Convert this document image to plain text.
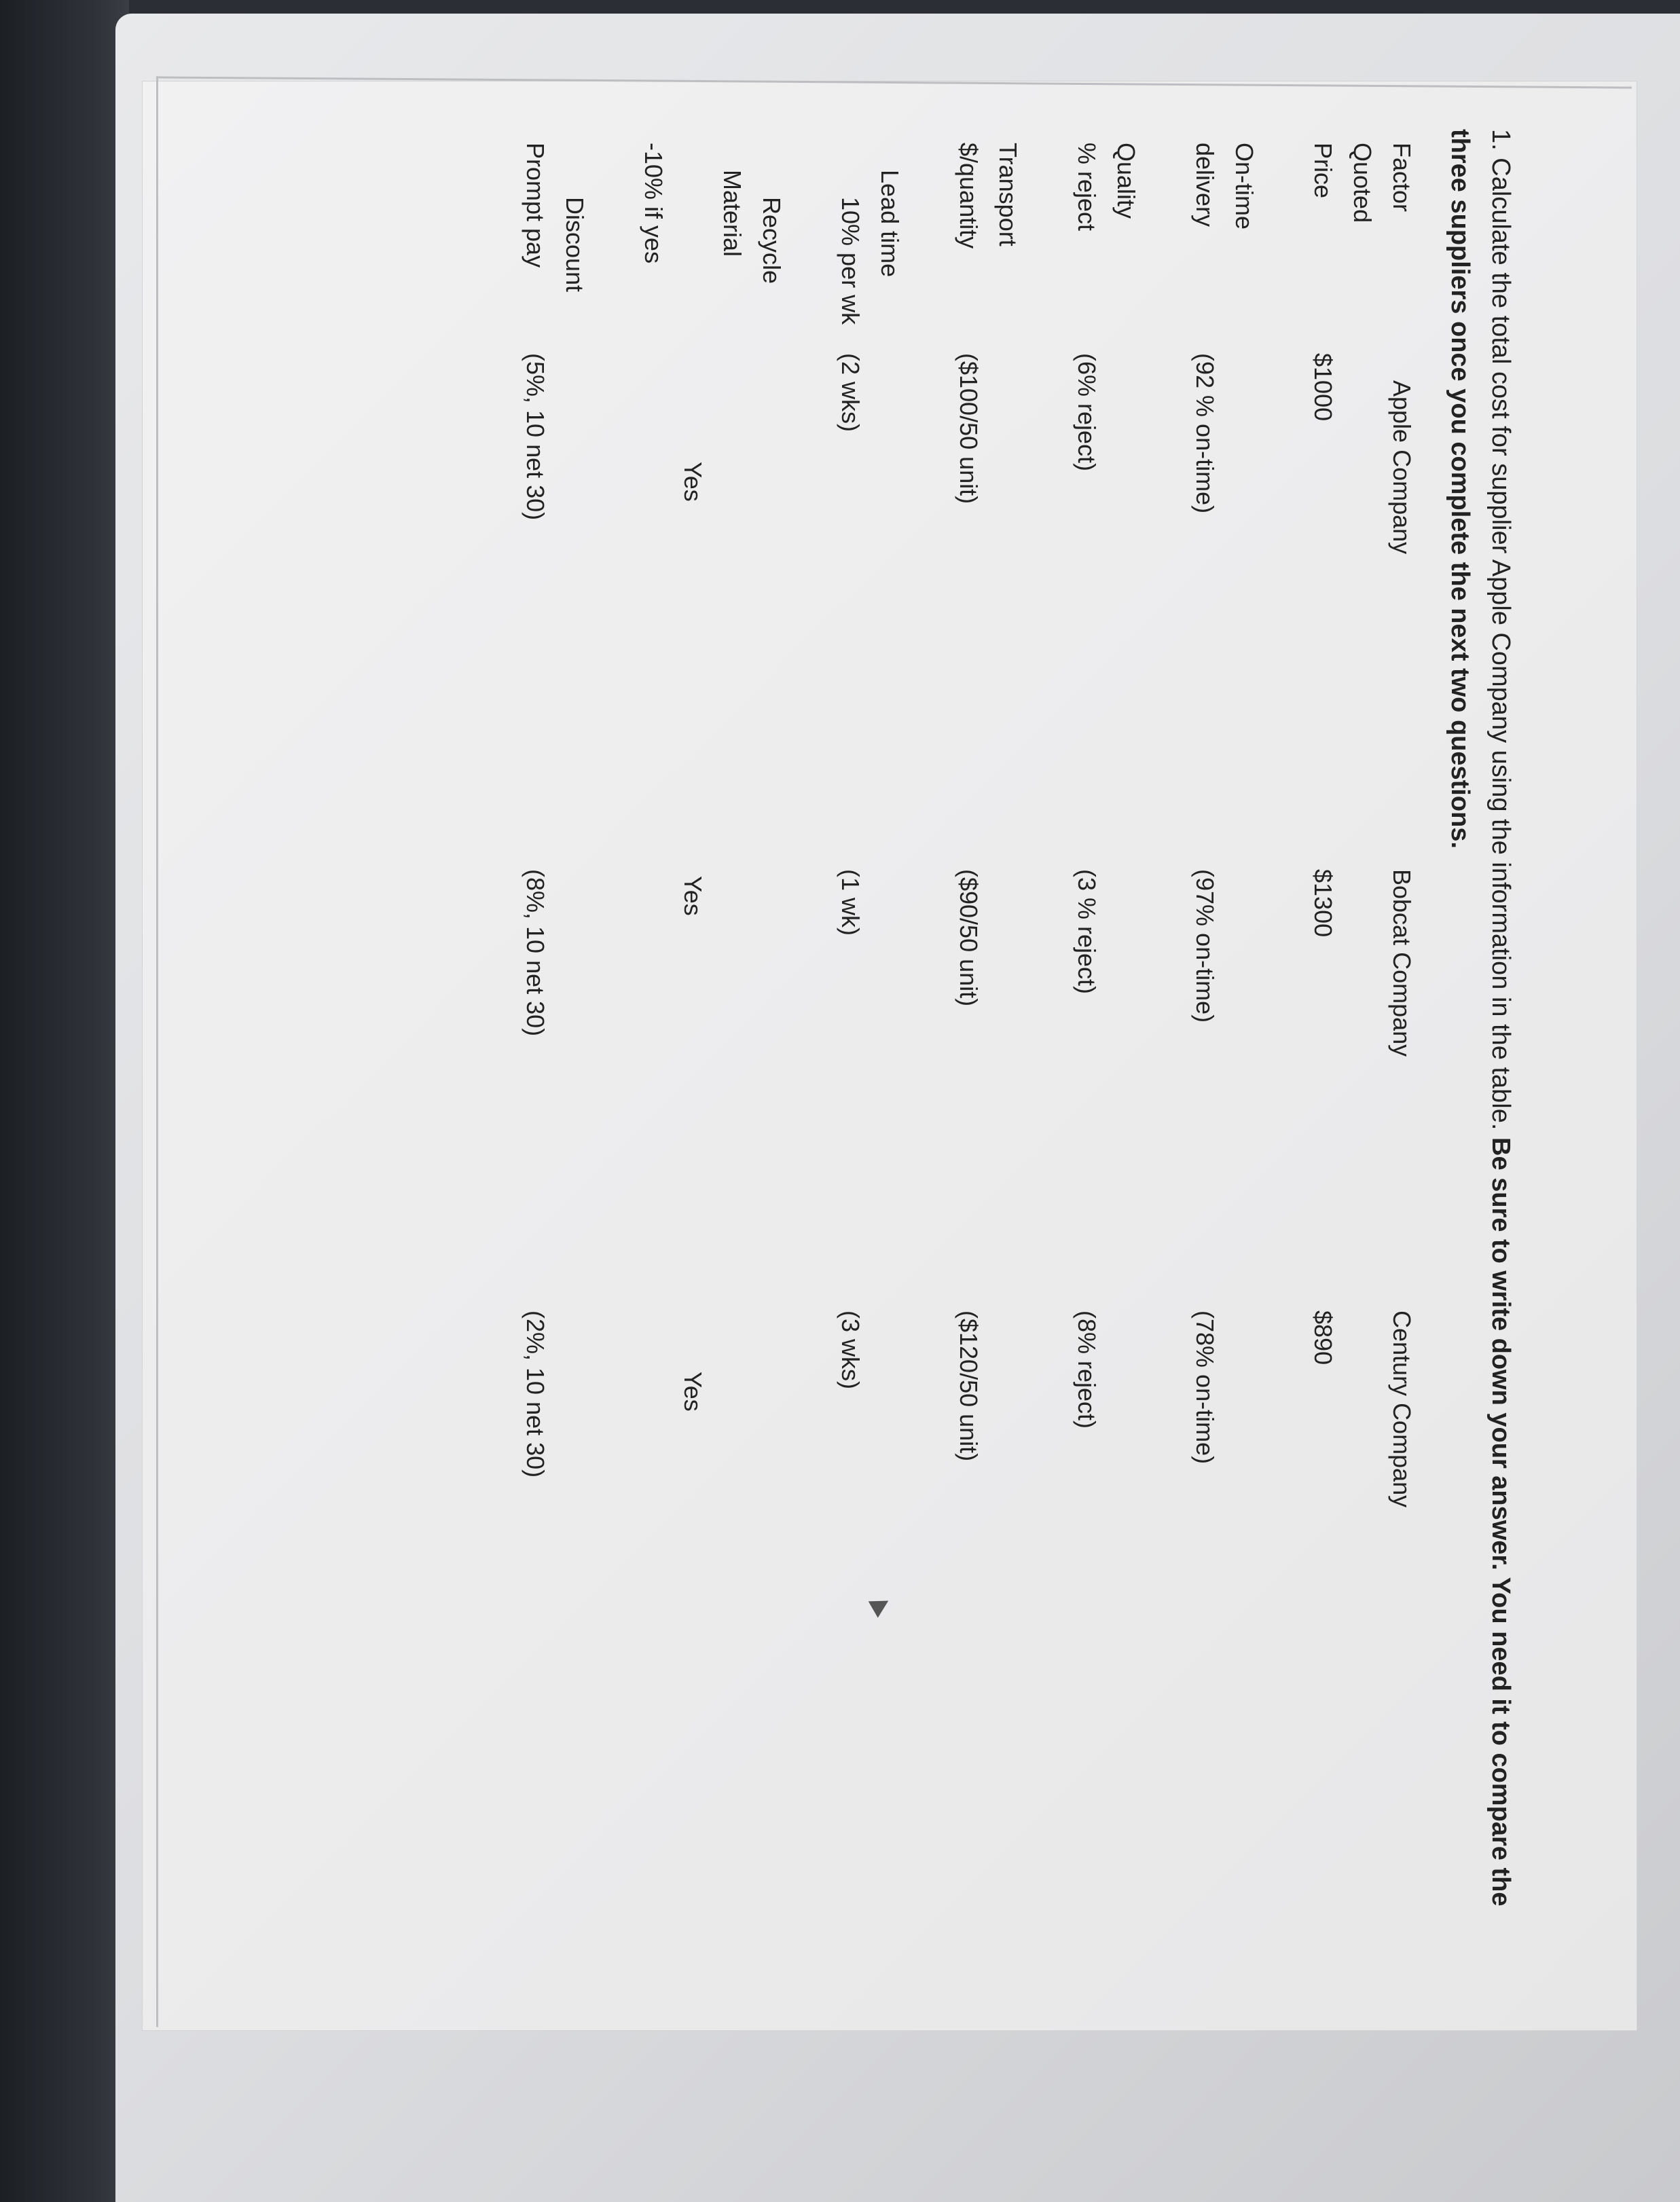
1. Calculate the total cost for supplier Apple Company using the information in the table. Be sure to write down your answer. You need it to compare the three suppliers once you complete the next two questions.

Factor	Apple Company	Bobcat Company	Century Company
Quoted			
Price	$1000	$1300	$890

On-time			
delivery	(92 % on-time)	(97% on-time)	(78% on-time)

Quality			
% reject	(6% reject)	(3 % reject)	(8% reject)

Transport			
$/quantity	($100/50 unit)	($90/50 unit)	($120/50 unit)

Lead time			
10% per wk	(2 wks)	(1 wk)	(3 wks)

Recycle			
Material			
	Yes	Yes	Yes
-10% if yes			

Discount			
Prompt pay	(5%, 10 net 30)	(8%, 10 net 30)	(2%, 10 net 30)
